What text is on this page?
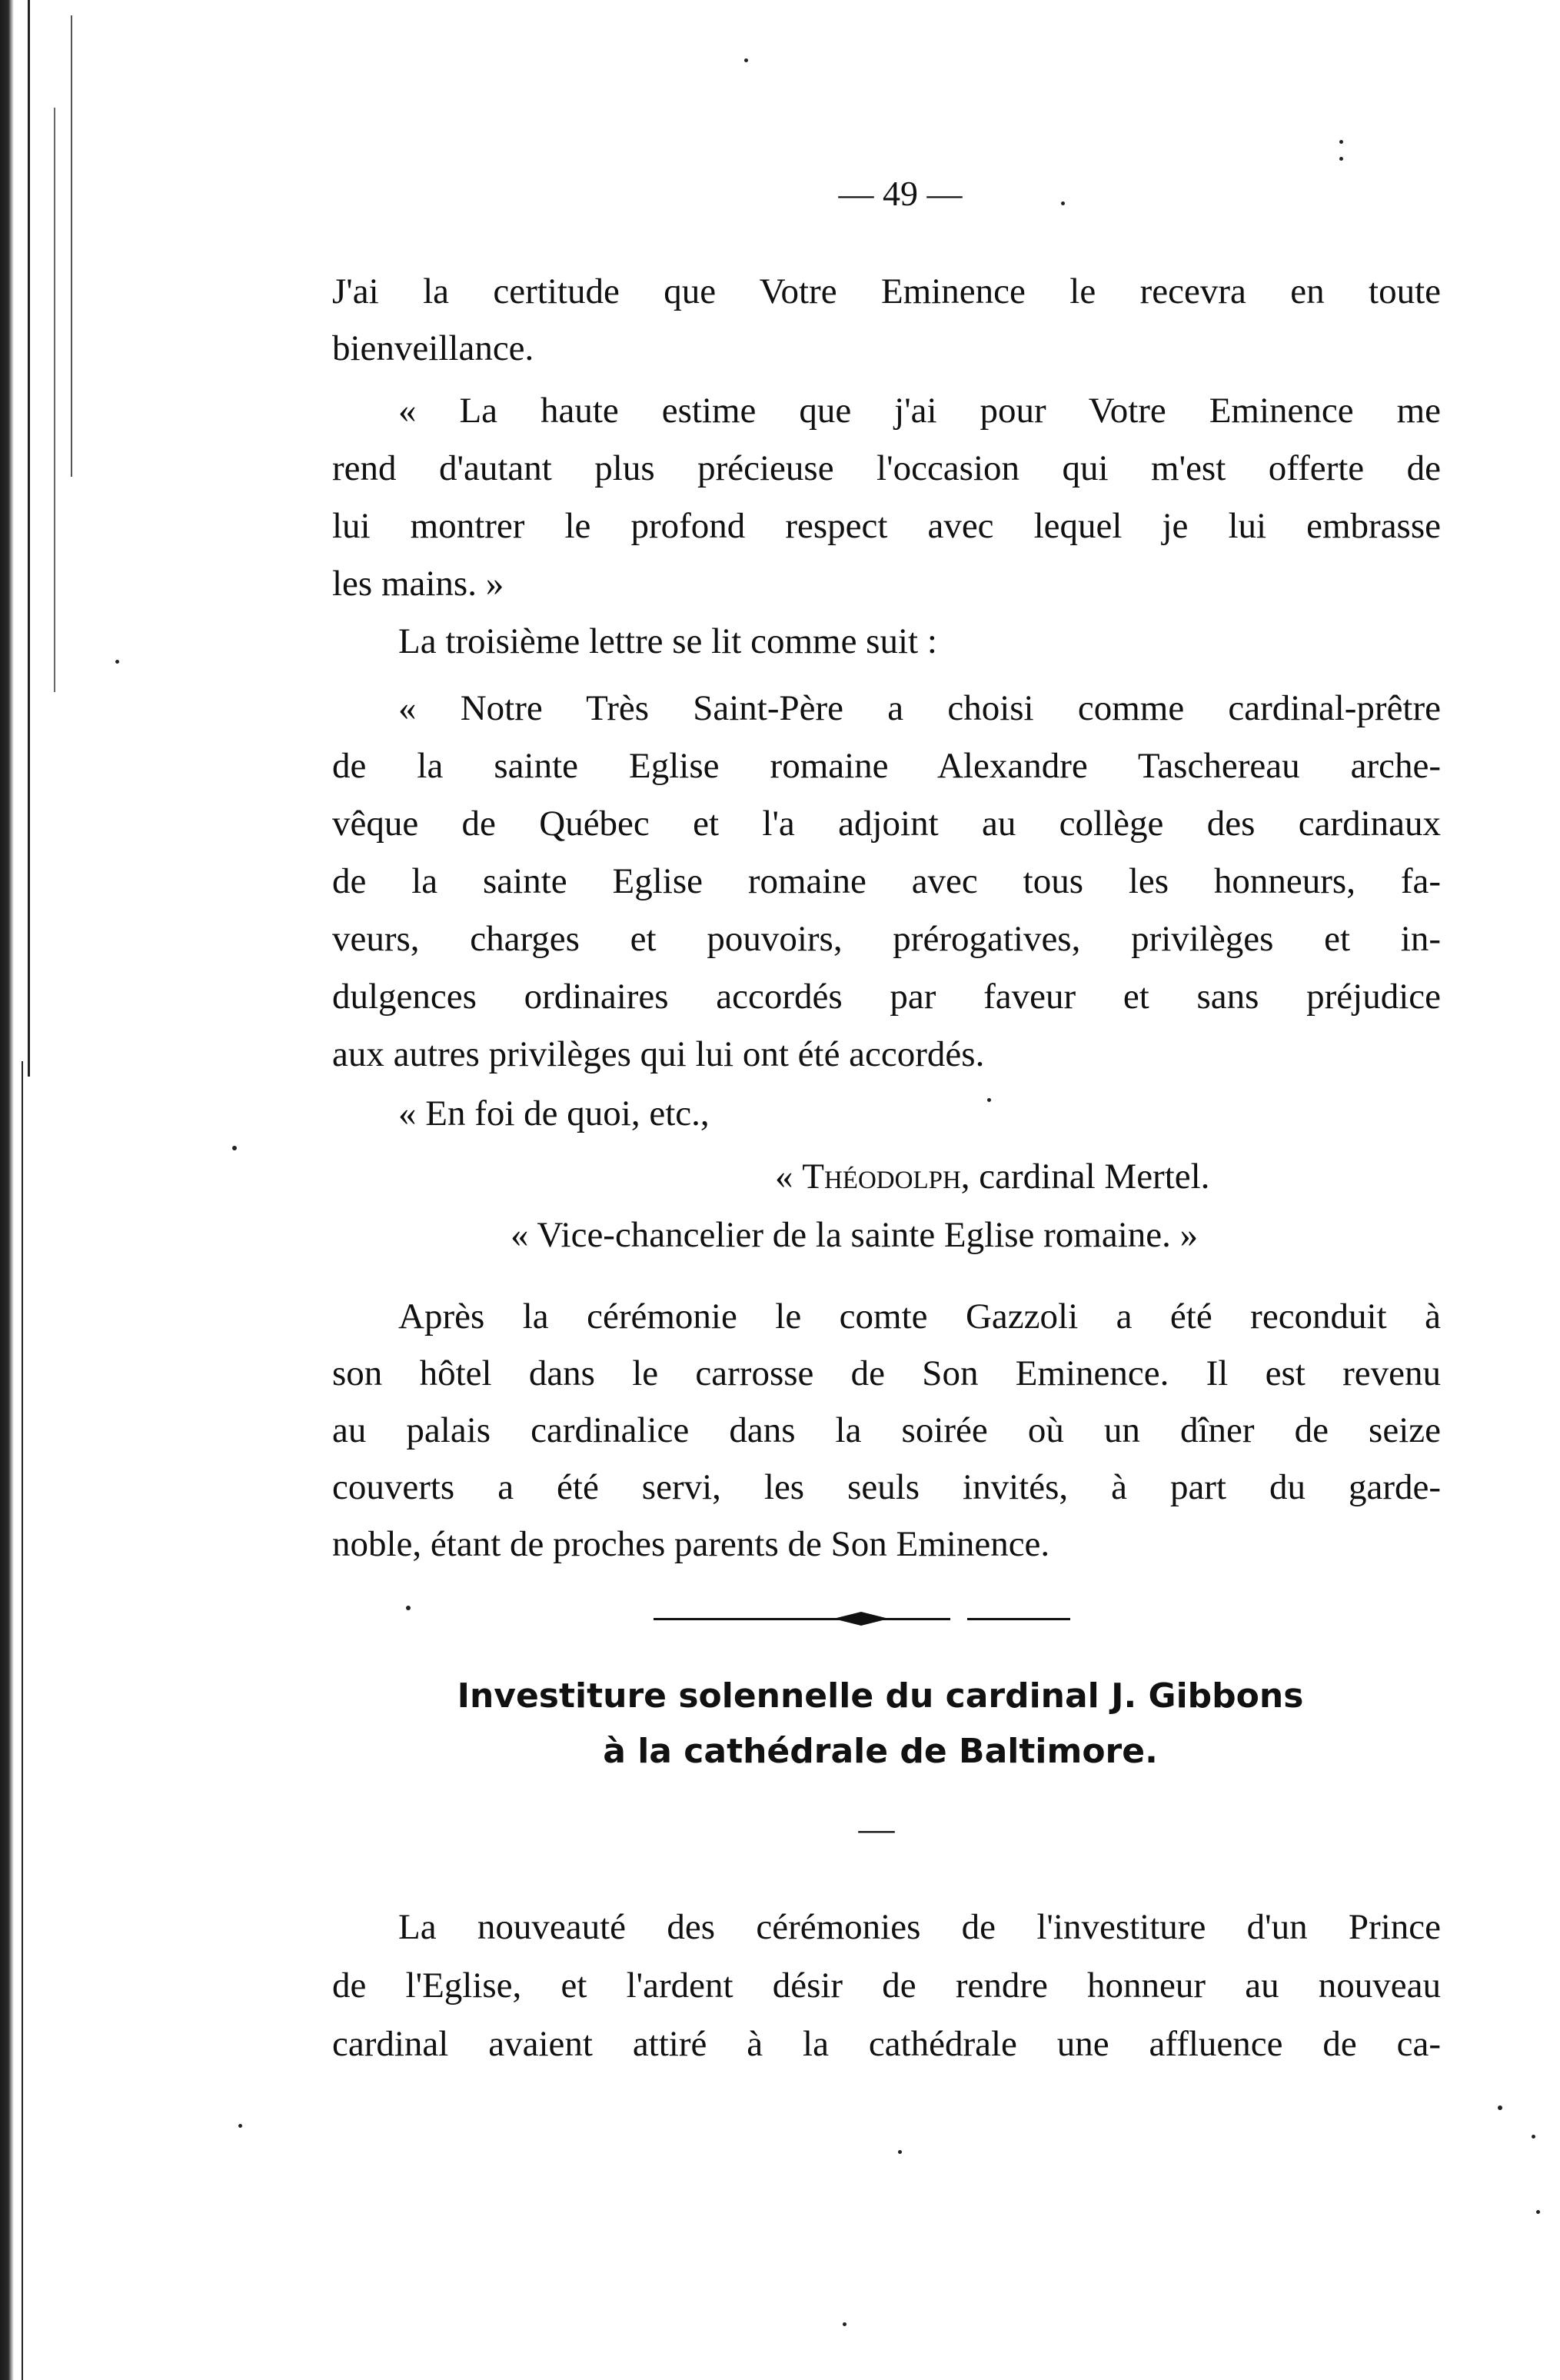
— 49 —
J'ai la certitude que Votre Eminence le recevra en toute
bienveillance.
« La haute estime que j'ai pour Votre Eminence me
rend d'autant plus précieuse l'occasion qui m'est offerte de
lui montrer le profond respect avec lequel je lui embrasse
les mains. »
La troisième lettre se lit comme suit :
« Notre Très Saint-Père a choisi comme cardinal-prêtre
de la sainte Eglise romaine Alexandre Taschereau arche-
vêque de Québec et l'a adjoint au collège des cardinaux
de la sainte Eglise romaine avec tous les honneurs, fa-
veurs, charges et pouvoirs, prérogatives, privilèges et in-
dulgences ordinaires accordés par faveur et sans préjudice
aux autres privilèges qui lui ont été accordés.
« En foi de quoi, etc.,
« Théodolph, cardinal Mertel.
« Vice-chancelier de la sainte Eglise romaine. »
Après la cérémonie le comte Gazzoli a été reconduit à
son hôtel dans le carrosse de Son Eminence. Il est revenu
au palais cardinalice dans la soirée où un dîner de seize
couverts a été servi, les seuls invités, à part du garde-
noble, étant de proches parents de Son Eminence.
Investiture solennelle du cardinal J. Gibbons
à la cathédrale de Baltimore.
—
La nouveauté des cérémonies de l'investiture d'un Prince
de l'Eglise, et l'ardent désir de rendre honneur au nouveau
cardinal avaient attiré à la cathédrale une affluence de ca-
